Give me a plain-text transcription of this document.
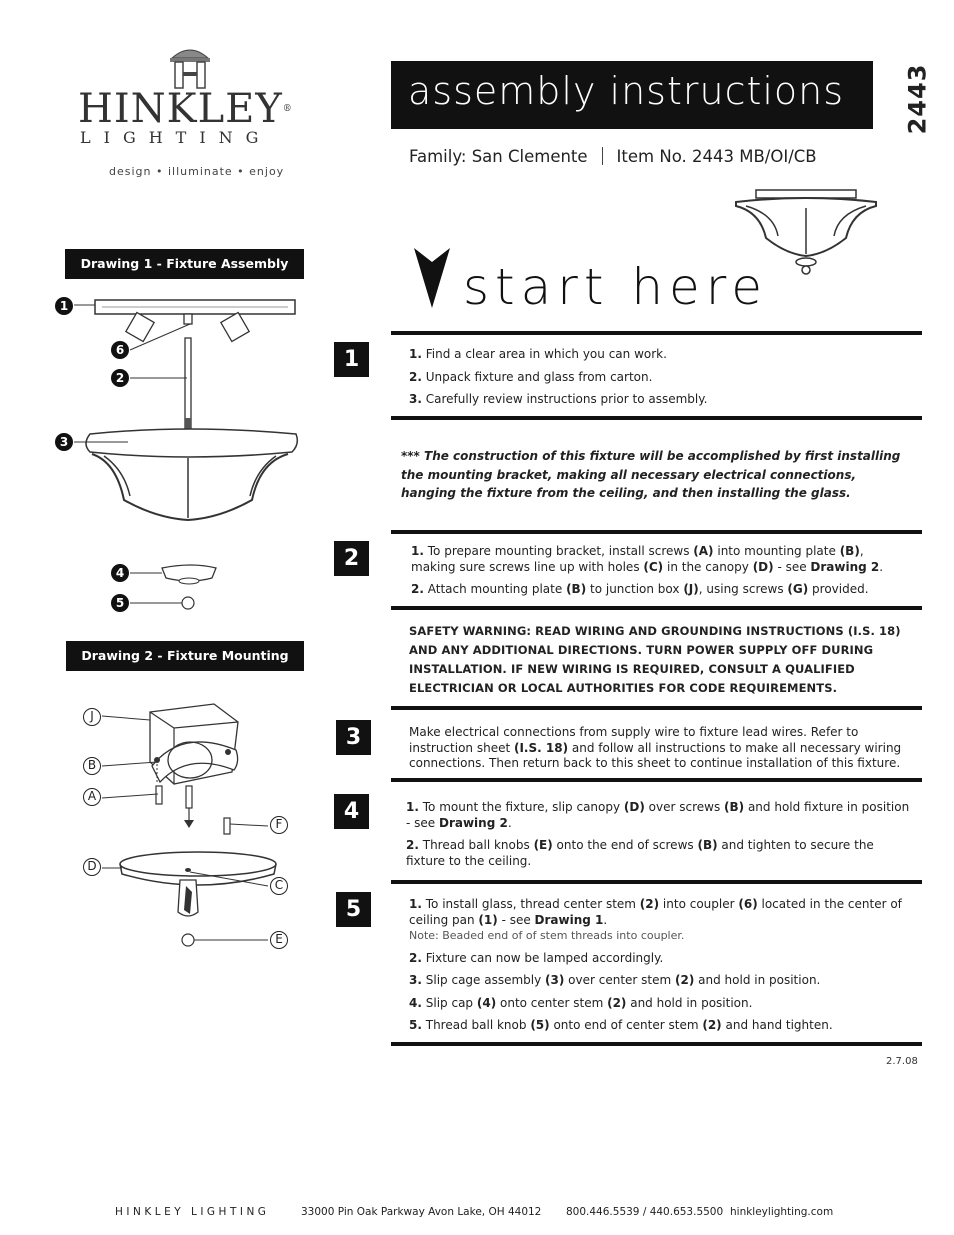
HINKLEY®
LIGHTING
design • illuminate • enjoy
assembly instructions 2443
Family: San Clemente Item No. 2443 MB/OI/CB
start here
Drawing 1 - Fixture Assembly
1
6
2
3
4
5
Drawing 2 - Fixture Mounting
J
B
A
F
D
C
E
1	1. Find a clear area in which you can work.
2. Unpack fixture and glass from carton.
3. Carefully review instructions prior to assembly.
*** The construction of this fixture will be accomplished by first installing the mounting bracket, making all necessary electrical connections, hanging the fixture from the ceiling, and then installing the glass.
2	1. To prepare mounting bracket, install screws (A) into mounting plate (B), making sure screws line up with holes (C) in the canopy (D) - see Drawing 2.
2. Attach mounting plate (B) to junction box (J), using screws (G) provided.
SAFETY WARNING: READ WIRING AND GROUNDING INSTRUCTIONS (I.S. 18) AND ANY ADDITIONAL DIRECTIONS. TURN POWER SUPPLY OFF DURING INSTALLATION. IF NEW WIRING IS REQUIRED, CONSULT A QUALIFIED ELECTRICIAN OR LOCAL AUTHORITIES FOR CODE REQUIREMENTS.
3	Make electrical connections from supply wire to fixture lead wires. Refer to instruction sheet (I.S. 18) and follow all instructions to make all necessary wiring connections. Then return back to this sheet to continue installation of this fixture.
4	1. To mount the fixture, slip canopy (D) over screws (B) and hold fixture in position - see Drawing 2.
2. Thread ball knobs (E) onto the end of screws (B) and tighten to secure the fixture to the ceiling.
5	1. To install glass, thread center stem (2) into coupler (6) located in the center of ceiling pan (1) - see Drawing 1.
Note: Beaded end of of stem threads into coupler.
2. Fixture can now be lamped accordingly.
3. Slip cage assembly (3) over center stem (2) and hold in position.
4. Slip cap (4) onto center stem (2) and hold in position.
5. Thread ball knob (5) onto end of center stem (2) and hand tighten.
2.7.08
HINKLEY LIGHTING	33000 Pin Oak Parkway Avon Lake, OH 44012 800.446.5539 / 440.653.5500 hinkleylighting.com
